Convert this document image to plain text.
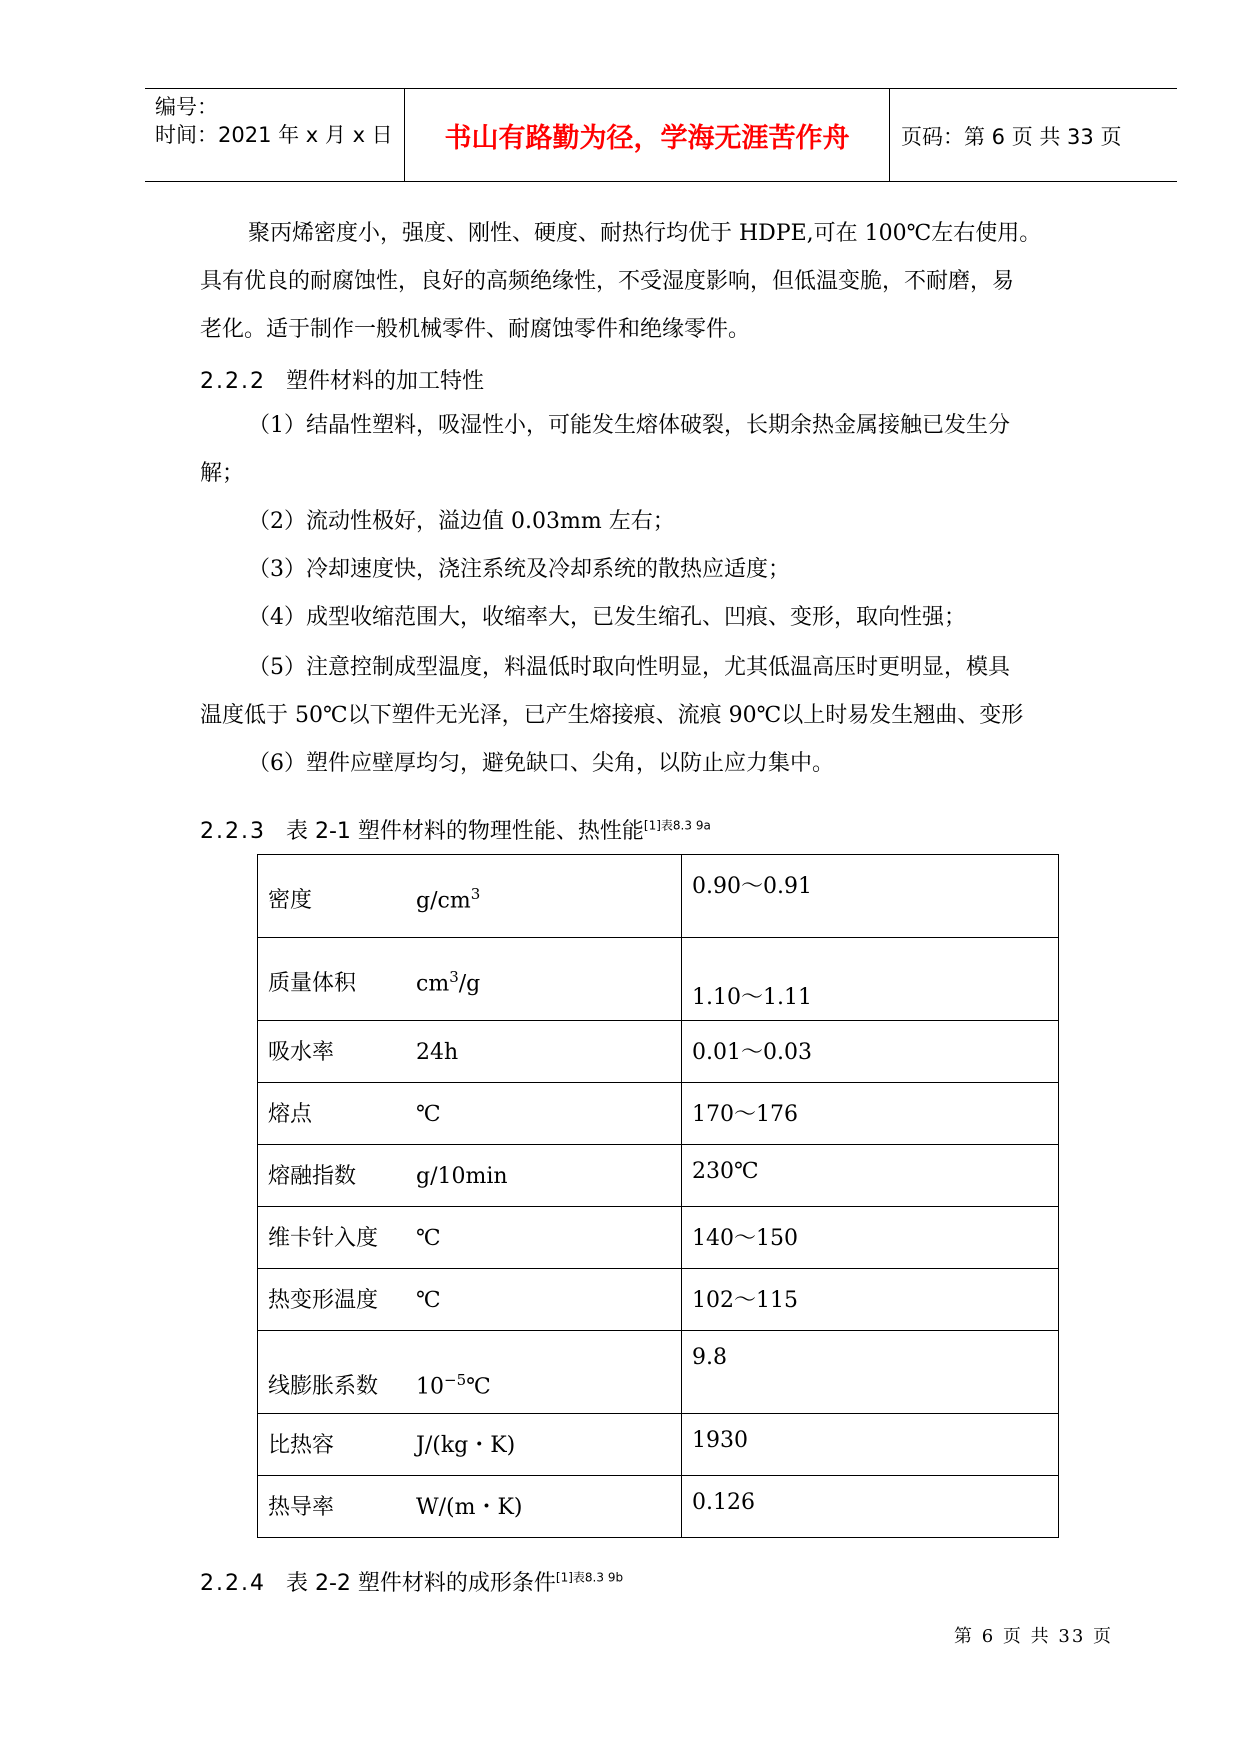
编号：
时间：2021 年 x 月 x 日	书山有路勤为径，学海无涯苦作舟	页码：第 6 页 共 33 页
聚丙烯密度小，强度、刚性、硬度、耐热行均优于 HDPE,可在 100℃左右使用。
具有优良的耐腐蚀性，良好的高频绝缘性，不受湿度影响，但低温变脆，不耐磨，易
老化。适于制作一般机械零件、耐腐蚀零件和绝缘零件。
2.2.2 塑件材料的加工特性
（1）结晶性塑料，吸湿性小，可能发生熔体破裂，长期余热金属接触已发生分
解；
（2）流动性极好，溢边值 0.03mm 左右；
（3）冷却速度快，浇注系统及冷却系统的散热应适度；
（4）成型收缩范围大，收缩率大，已发生缩孔、凹痕、变形，取向性强；
（5）注意控制成型温度，料温低时取向性明显，尤其低温高压时更明显，模具
温度低于 50℃以下塑件无光泽，已产生熔接痕、流痕 90℃以上时易发生翘曲、变形
（6）塑件应壁厚均匀，避免缺口、尖角，以防止应力集中。
2.2.3 表 2-1 塑件材料的物理性能、热性能$^{[1]表8.3 9a}$
密度 $g/cm^3$	0.90～0.91
质量体积 $cm^3/g$	1.10～1.11
吸水率 24h	0.01～0.03
熔点 ℃	170～176
熔融指数 g/10min	230℃
维卡针入度 ℃	140～150
热变形温度 ℃	102～115
线膨胀系数 $10^{-5}℃$	9.8
比热容 J/(kg・K)	1930
热导率 W/(m・K)	0.126
2.2.4 表 2-2 塑件材料的成形条件$^{[1]表8.3 9b}$
第 6 页 共 33 页
